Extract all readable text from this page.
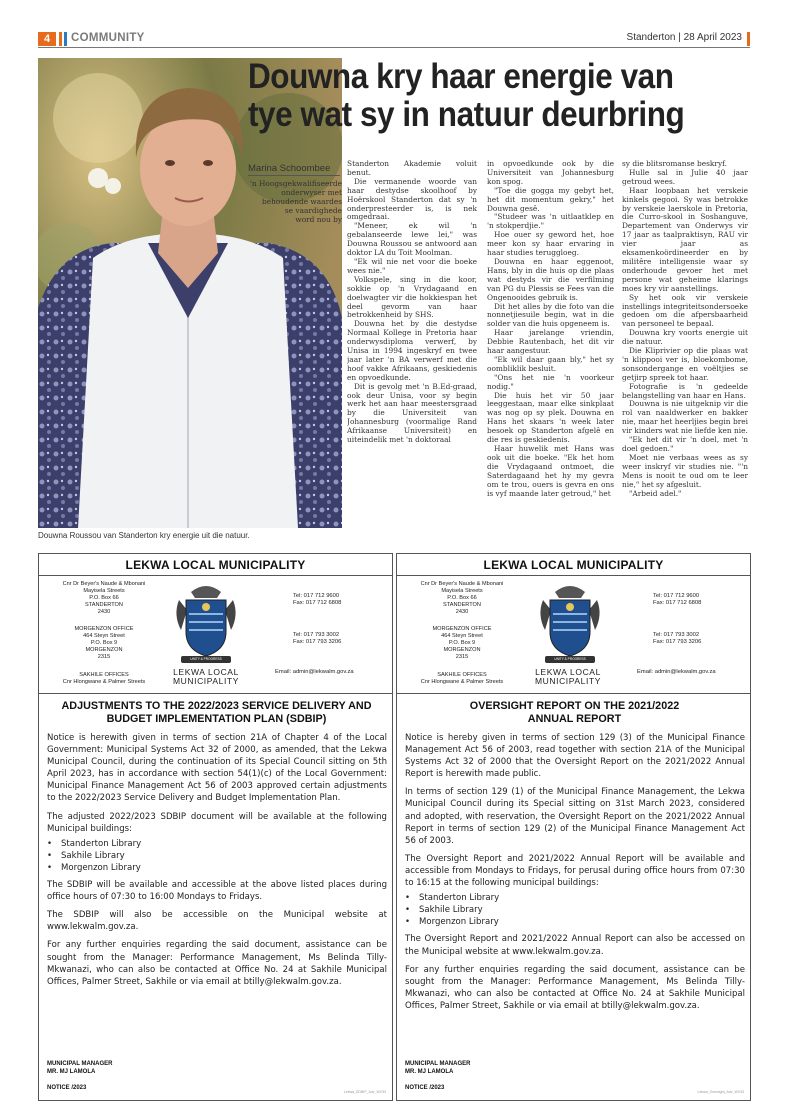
4	COMMUNITY	Standerton | 28 April 2023
Douwna Roussou van Standerton kry energie uit die natuur.
Douwna kry haar energie van tye wat sy in natuur deurbring
Marina Schoombee
'n Hoogsgekwalifiseerde
onderwyser met
behoudende waardes
se vaardighede
word nou by

Standerton Akademie voluit benut.

Die vermanende woorde van haar destydse skoolhoof by Hoërskool Standerton dat sy 'n onderpresteerder is, is nek omgedraai.

"Meneer, ek wil 'n gebalanseerde lewe lei," was Douwna Roussou se antwoord aan doktor LA du Toit Moolman.

"Ek wil nie net voor die boeke wees nie."

Volkspele, sing in die koor, sokkie op 'n Vrydagaand en doelwagter vir die hokkiespan het deel gevorm van haar betrokkenheid by SHS.

Douwna het by die destydse Normaal Kollege in Pretoria haar onderwysdiploma verwerf, by Unisa in 1994 ingeskryf en twee jaar later 'n BA verwerf met die hoof vakke Afrikaans, geskiedenis en opvoedkunde.

Dit is gevolg met 'n B.Ed-graad, ook deur Unisa, voor sy begin werk het aan haar meestersgraad by die Universiteit van Johannesburg (voormalige Rand Afrikaanse Universiteit) en uiteindelik met 'n doktoraal

in opvoedkunde ook by die Universiteit van Johannesburg kon spog.

"Toe die gogga my gebyt het, het dit momentum gekry," het Douwna gesê.

"Studeer was 'n uitlaatklep en 'n stokperdjie."

Hoe ouer sy geword het, hoe meer kon sy haar ervaring in haar studies teruggloeg.

Douwna en haar eggenoot, Hans, bly in die huis op die plaas wat destyds vir die verfilming van PG du Plessis se Fees van die Ongenooides gebruik is.

Dit het alles by die foto van die nonnetjiesuile begin, wat in die solder van die huis opgeneem is.

Haar jarelange vriendin, Debbie Rautenbach, het dit vir haar aangestuur.

"Ek wil daar gaan bly," het sy oombliklik besluit.

"Ons het nie 'n voorkeur nodig."

Die huis het vir 50 jaar leeggestaan, maar elke sinkplaat was nog op sy plek. Douwna en Hans het skaars 'n week later besoek op Standerton afgelê en die res is geskiedenis.

Haar huwelik met Hans was ook uit die boeke. "Ek het hom die Vrydagaand ontmoet, die Saterdagaand het hy my gevra om te trou, ouers is gevra en ons is vyf maande later getroud," het

sy die blitsromanse beskryf.

Hulle sal in Julie 40 jaar getroud wees.

Haar loopbaan het verskeie kinkels gegooi. Sy was betrokke by verskeie laerskole in Pretoria, die Curro-skool in Soshanguve, Departement van Onderwys vir 17 jaar as taalpraktisyn, RAU vir vier jaar as eksamenkoördineerder en by militêre intelligensie waar sy onderhoude gevoer het met persone wat geheime klarings moes kry vir aanstellings.

Sy het ook vir verskeie instellings integriteitsondersoeke gedoen om die afpersbaarheid van personeel te bepaal.

Douwna kry voorts energie uit die natuur.

Die Kliprivier op die plaas wat 'n klippooi ver is, bloekombome, sonsondergange en voëltjies se getjirp spreek tot haar.

Fotografie is 'n gedeelde belangstelling van haar en Hans.

Douwna is nie uitgeknip vir die rol van naaldwerker en bakker nie, maar het heerljies begin brei vir kinders wat nie liefde ken nie.

"Ek het dit vir 'n doel, met 'n doel gedoen."

Moet nie verbaas wees as sy weer inskryf vir studies nie. "'n Mens is nooit te oud om te leer nie," het sy afgesluit.

"Arbeid adel."

LEKWA LOCAL MUNICIPALITY
Cnr Dr Beyer's Naude & Mbonani
Mayisela Streets
P.O. Box 66
STANDERTON
2430
MORGENZON OFFICE
464 Steyn Street
P.O. Box 9
MORGENZON
2315
SAKHILE OFFICES
Cnr Hlongwane & Palmer Streets
UNITY & PROGRESS
LEKWA LOCAL
MUNICIPALITY
Tel: 017 712 9600
Fax: 017 712 6808
Tel: 017 793 3002
Fax: 017 793 3206
Email: admin@lekwalm.gov.za
ADJUSTMENTS TO THE 2022/2023 SERVICE DELIVERY AND
BUDGET IMPLEMENTATION PLAN (SDBIP)

Notice is herewith given in terms of section 21A of Chapter 4 of the Local Government: Municipal Systems Act 32 of 2000, as amended, that the Lekwa Municipal Council, during the continuation of its Special Council sitting on 5th April 2023, has in accordance with section 54(1)(c) of the Local Government: Municipal Finance Management Act 56 of 2003 approved certain adjustments to the 2022/2023 Service Delivery and Budget Implementation Plan.

The adjusted 2022/2023 SDBIP document will be available at the following Municipal buildings:

• Standerton Library
• Sakhile Library
• Morgenzon Library

The SDBIP will be available and accessible at the above listed places during office hours of 07:30 to 16:00 Mondays to Fridays.

The SDBIP will also be accessible on the Municipal website at www.lekwalm.gov.za.

For any further enquiries regarding the said document, assistance can be sought from the Manager: Performance Management, Ms Belinda Tilly-Mkwanazi, who can also be contacted at Office No. 24 at Sakhile Municipal Offices, Palmer Street, Sakhile or via email at btilly@lekwalm.gov.za.

MUNICIPAL MANAGER
MR. MJ LAMOLA
NOTICE /2023
Lekwa_SDBIP_Adv_WV33
LEKWA LOCAL MUNICIPALITY
Cnr Dr Beyer's Naude & Mbonani
Mayisela Streets
P.O. Box 66
STANDERTON
2430
MORGENZON OFFICE
464 Steyn Street
P.O. Box 9
MORGENZON
2315
SAKHILE OFFICES
Cnr Hlongwane & Palmer Streets
UNITY & PROGRESS
LEKWA LOCAL
MUNICIPALITY
Tel: 017 712 9600
Fax: 017 712 6808
Tel: 017 793 3002
Fax: 017 793 3206
Email: admin@lekwalm.gov.za
OVERSIGHT REPORT ON THE 2021/2022
ANNUAL REPORT

Notice is hereby given in terms of section 129 (3) of the Municipal Finance Management Act 56 of 2003, read together with section 21A of the Municipal Systems Act 32 of 2000 that the Oversight Report on the 2021/2022 Annual Report is herewith made public.

In terms of section 129 (1) of the Municipal Finance Management, the Lekwa Municipal Council during its Special sitting on 31st March 2023, considered and adopted, with reservation, the Oversight Report on the 2021/2022 Annual Report in terms of section 129 (2) of the Municipal Finance Management Act 56 of 2003.

The Oversight Report and 2021/2022 Annual Report will be available and accessible from Mondays to Fridays, for perusal during office hours from 07:30 to 16:15 at the following municipal buildings:

• Standerton Library
• Sakhile Library
• Morgenzon Library

The Oversight Report and 2021/2022 Annual Report can also be accessed on the Municipal website at www.lekwalm.gov.za.

For any further enquiries regarding the said document, assistance can be sought from the Manager: Performance Management, Ms Belinda Tilly-Mkwanazi, who can also be contacted at Office No. 24 at Sakhile Municipal Offices, Palmer Street, Sakhile or via email at btilly@lekwalm.gov.za.

MUNICIPAL MANAGER
MR. MJ LAMOLA
NOTICE /2023
Lekwa_Oversight_Adv_WV33
